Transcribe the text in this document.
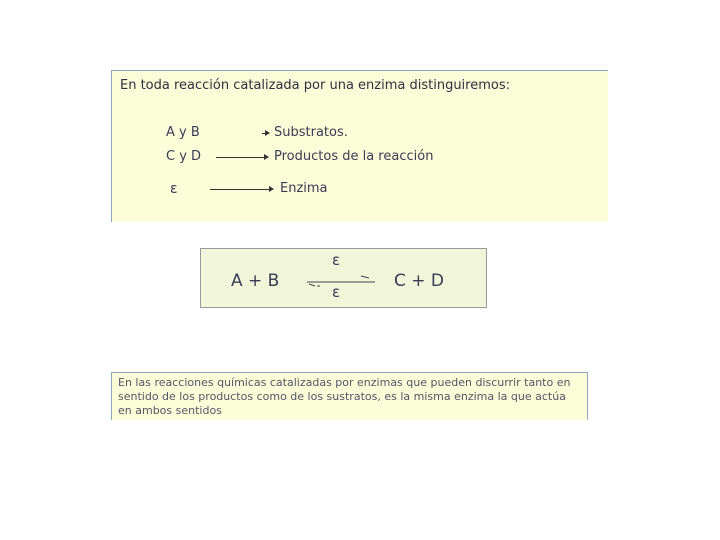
En toda reacción catalizada por una enzima distinguiremos:
A y B	Substratos.
C y D	Productos de la reacción
ε	Enzima
ε
A + B	C + D
ε
En las reacciones químicas catalizadas por enzimas que pueden discurrir tanto en sentido de los productos como de los sustratos, es la misma enzima la que actúa en ambos sentidos
